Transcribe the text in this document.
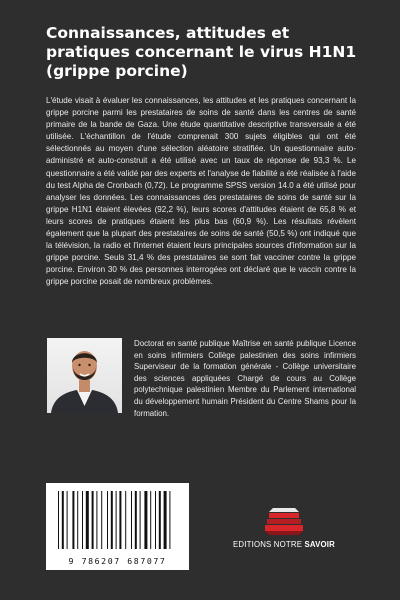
Connaissances, attitudes et pratiques concernant le virus H1N1 (grippe porcine)

L'étude visait à évaluer les connaissances, les attitudes et les pratiques concernant la grippe porcine parmi les prestataires de soins de santé dans les centres de santé primaire de la bande de Gaza. Une étude quantitative descriptive transversale a été utilisée. L'échantillon de l'étude comprenait 300 sujets éligibles qui ont été sélectionnés au moyen d'une sélection aléatoire stratifiée. Un questionnaire auto-administré et auto-construit a été utilisé avec un taux de réponse de 93,3 %. Le questionnaire a été validé par des experts et l'analyse de fiabilité a été réalisée à l'aide du test Alpha de Cronbach (0,72). Le programme SPSS version 14.0 a été utilisé pour analyser les données. Les connaissances des prestataires de soins de santé sur la grippe H1N1 étaient élevées (92,2 %), leurs scores d'attitudes étaient de 65,8 % et leurs scores de pratiques étaient les plus bas (60,9 %). Les résultats révèlent également que la plupart des prestataires de soins de santé (50,5 %) ont indiqué que la télévision, la radio et l'internet étaient leurs principales sources d'information sur la grippe porcine. Seuls 31,4 % des prestataires se sont fait vacciner contre la grippe porcine. Environ 30 % des personnes interrogées ont déclaré que le vaccin contre la grippe porcine posait de nombreux problèmes.

Doctorat en santé publique Maîtrise en santé publique Licence en soins infirmiers Collège palestinien des soins infirmiers Superviseur de la formation générale - Collège universitaire des sciences appliquées Chargé de cours au Collège polytechnique palestinien Membre du Parlement international du développement humain Président du Centre Shams pour la formation.

9 786207 687077
EDITIONS NOTRE SAVOIR
